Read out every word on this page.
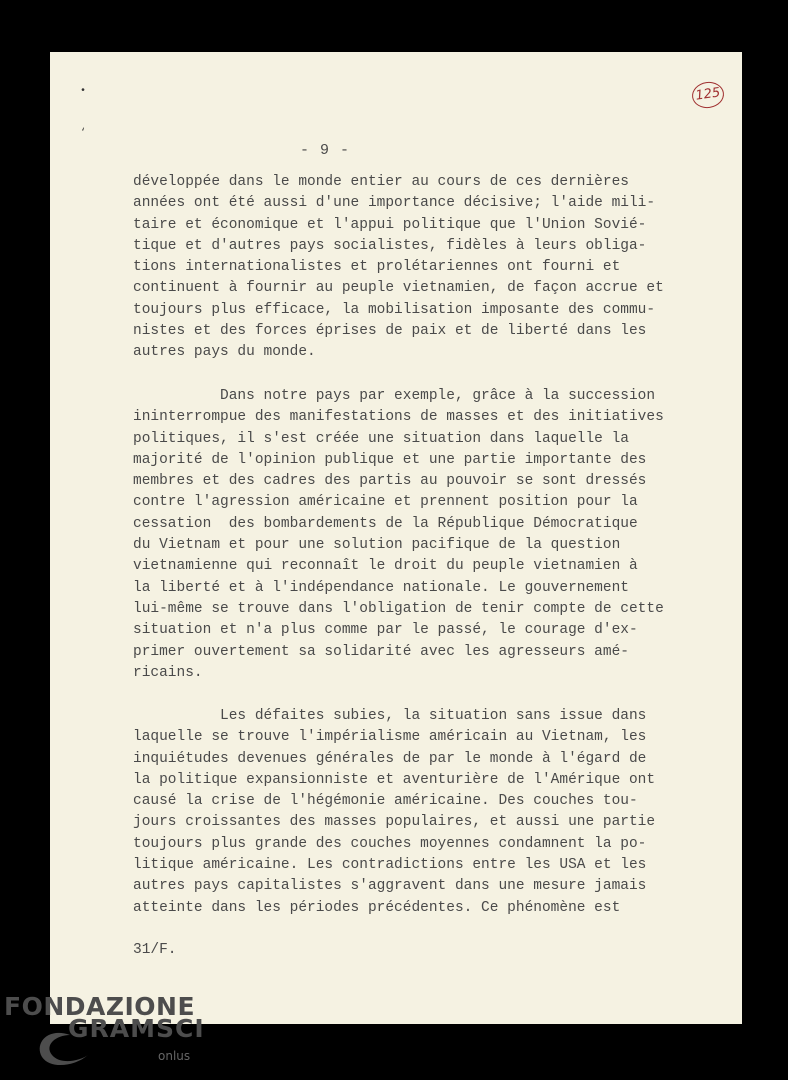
•
‘
125
- 9 -

développée dans le monde entier au cours de ces dernières
années ont été aussi d'une importance décisive; l'aide mili-
taire et économique et l'appui politique que l'Union Sovié-
tique et d'autres pays socialistes, fidèles à leurs obliga-
tions internationalistes et prolétariennes ont fourni et
continuent à fournir au peuple vietnamien, de façon accrue et
toujours plus efficace, la mobilisation imposante des commu-
nistes et des forces éprises de paix et de liberté dans les
autres pays du monde.

Dans notre pays par exemple, grâce à la succession
ininterrompue des manifestations de masses et des initiatives
politiques, il s'est créée une situation dans laquelle la
majorité de l'opinion publique et une partie importante des
membres et des cadres des partis au pouvoir se sont dressés
contre l'agression américaine et prennent position pour la
cessation  des bombardements de la République Démocratique
du Vietnam et pour une solution pacifique de la question
vietnamienne qui reconnaît le droit du peuple vietnamien à
la liberté et à l'indépendance nationale. Le gouvernement
lui-même se trouve dans l'obligation de tenir compte de cette
situation et n'a plus comme par le passé, le courage d'ex-
primer ouvertement sa solidarité avec les agresseurs amé-
ricains.

Les défaites subies, la situation sans issue dans
laquelle se trouve l'impérialisme américain au Vietnam, les
inquiétudes devenues générales de par le monde à l'égard de
la politique expansionniste et aventurière de l'Amérique ont
causé la crise de l'hégémonie américaine. Des couches tou-
jours croissantes des masses populaires, et aussi une partie
toujours plus grande des couches moyennes condamnent la po-
litique américaine. Les contradictions entre les USA et les
autres pays capitalistes s'aggravent dans une mesure jamais
atteinte dans les périodes précédentes. Ce phénomène est

31/F.
FONDAZIONE
GRAMSCI
onlus
